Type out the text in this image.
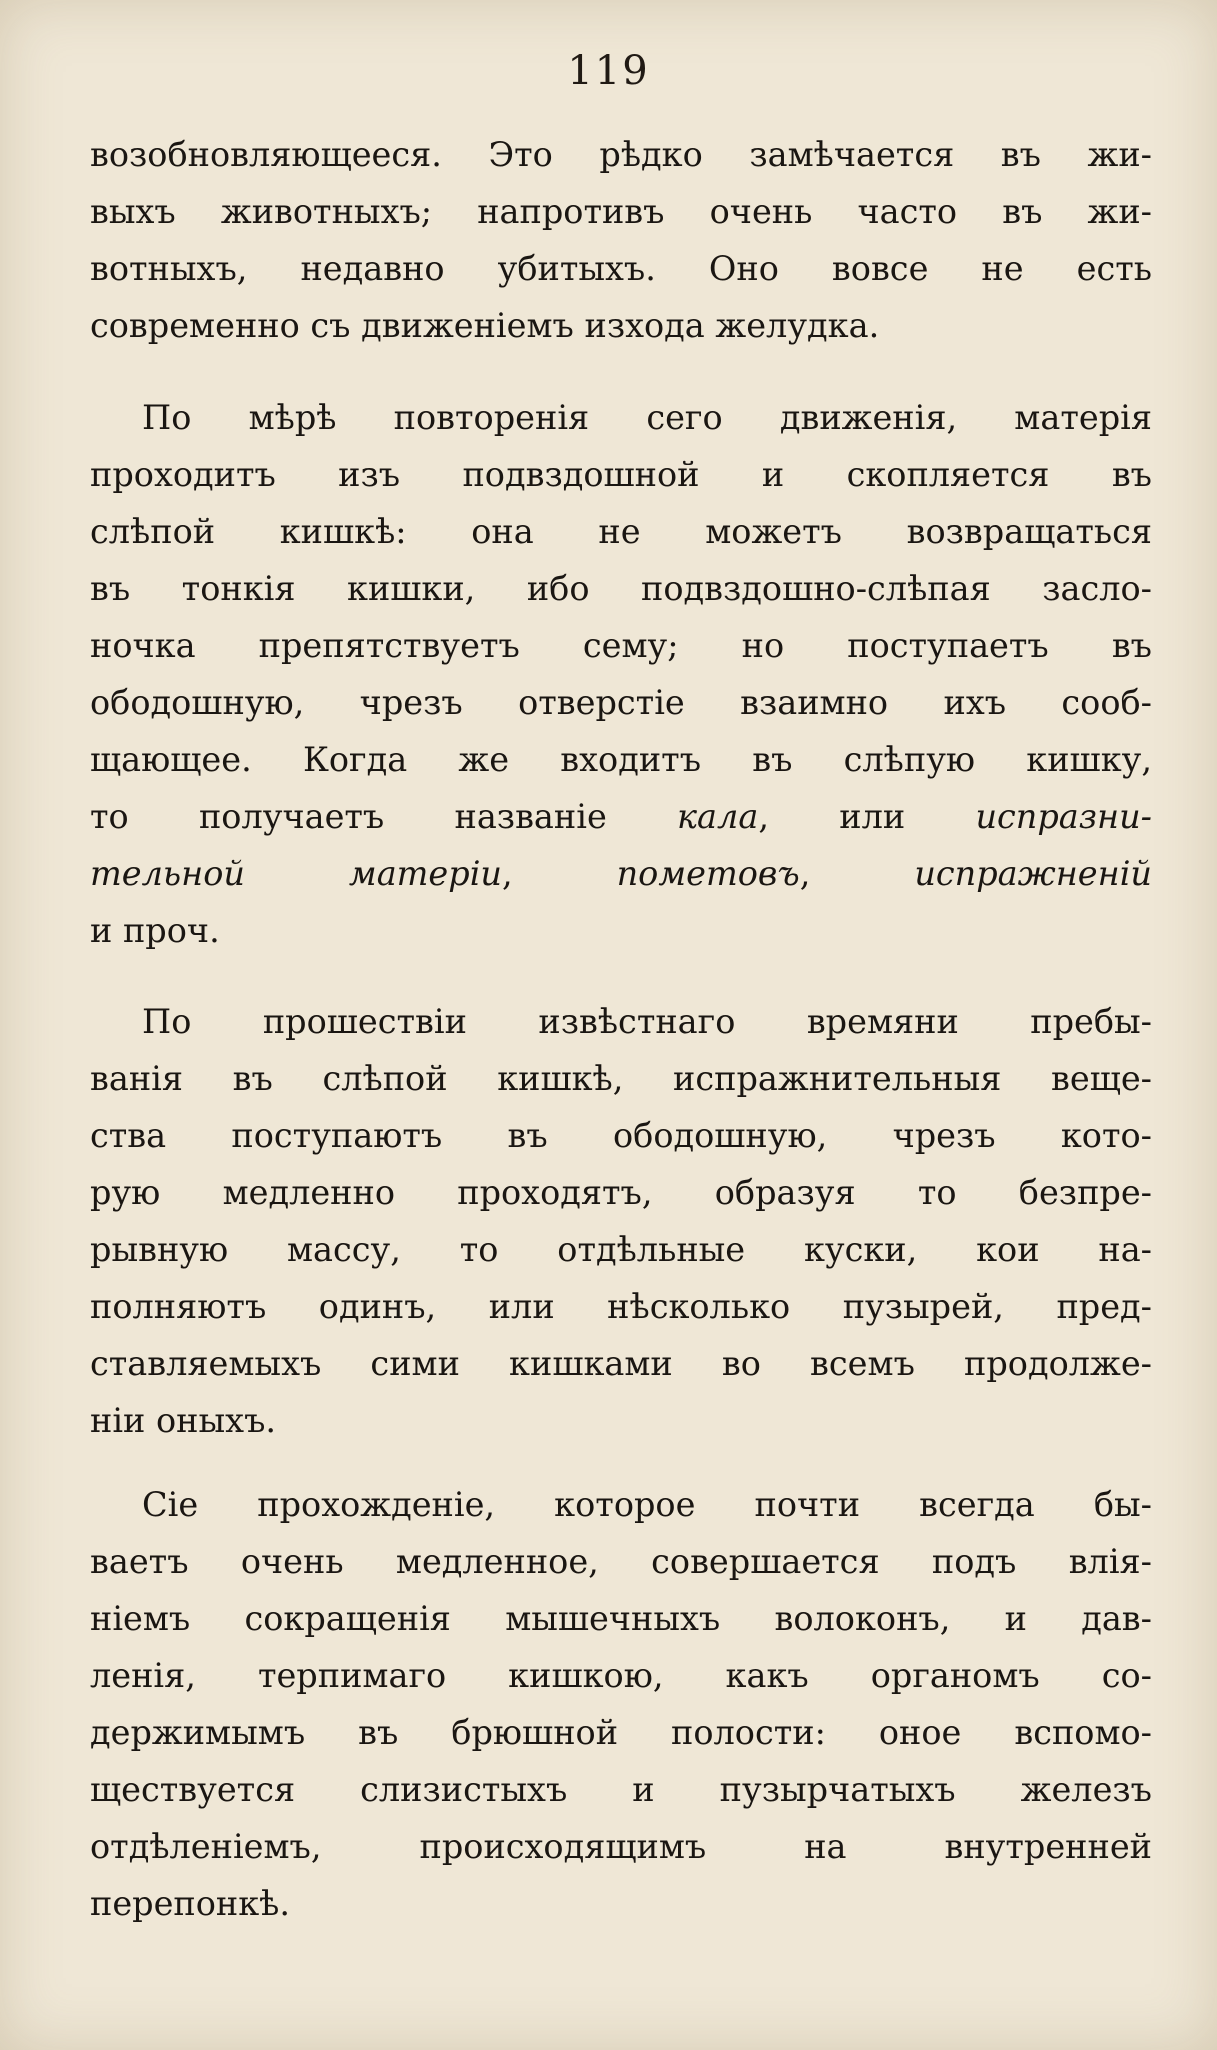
119
возобновляющееся. Это рѣдко замѣчается въ жи-
выхъ животныхъ; напротивъ очень часто въ жи-
вотныхъ, недавно убитыхъ. Оно вовсе не есть
современно съ движенiемъ изхода желудка.
По мѣрѣ повторенiя сего движенiя, матерiя
проходитъ изъ подвздошной и скопляется въ
слѣпой кишкѣ: она не можетъ возвращаться
въ тонкiя кишки, ибо подвздошно-слѣпая засло-
ночка препятствуетъ сему; но поступаетъ въ
ободошную, чрезъ отверстiе взаимно ихъ сооб-
щающее. Когда же входитъ въ слѣпую кишку,
то получаетъ названiе кала, или испразни-
тельной матерiи,	пометовъ,	испражненiй
и проч.
По прошествiи извѣстнаго времяни пребы-
ванiя въ слѣпой кишкѣ, испражнительныя веще-
ства поступаютъ въ ободошную, чрезъ кото-
рую медленно проходятъ, образуя то безпре-
рывную массу, то отдѣльные куски, кои на-
полняютъ одинъ, или нѣсколько пузырей, пред-
ставляемыхъ сими кишками во всемъ продолже-
нiи оныхъ.
Сiе прохожденiе, которое почти всегда бы-
ваетъ очень медленное, совершается подъ влiя-
нiемъ сокращенiя мышечныхъ волоконъ, и дав-
ленiя, терпимаго кишкою, какъ органомъ со-
держимымъ въ брюшной полости: оное вспомо-
ществуется слизистыхъ и пузырчатыхъ железъ
отдѣленiемъ, происходящимъ на внутренней
перепонкѣ.
